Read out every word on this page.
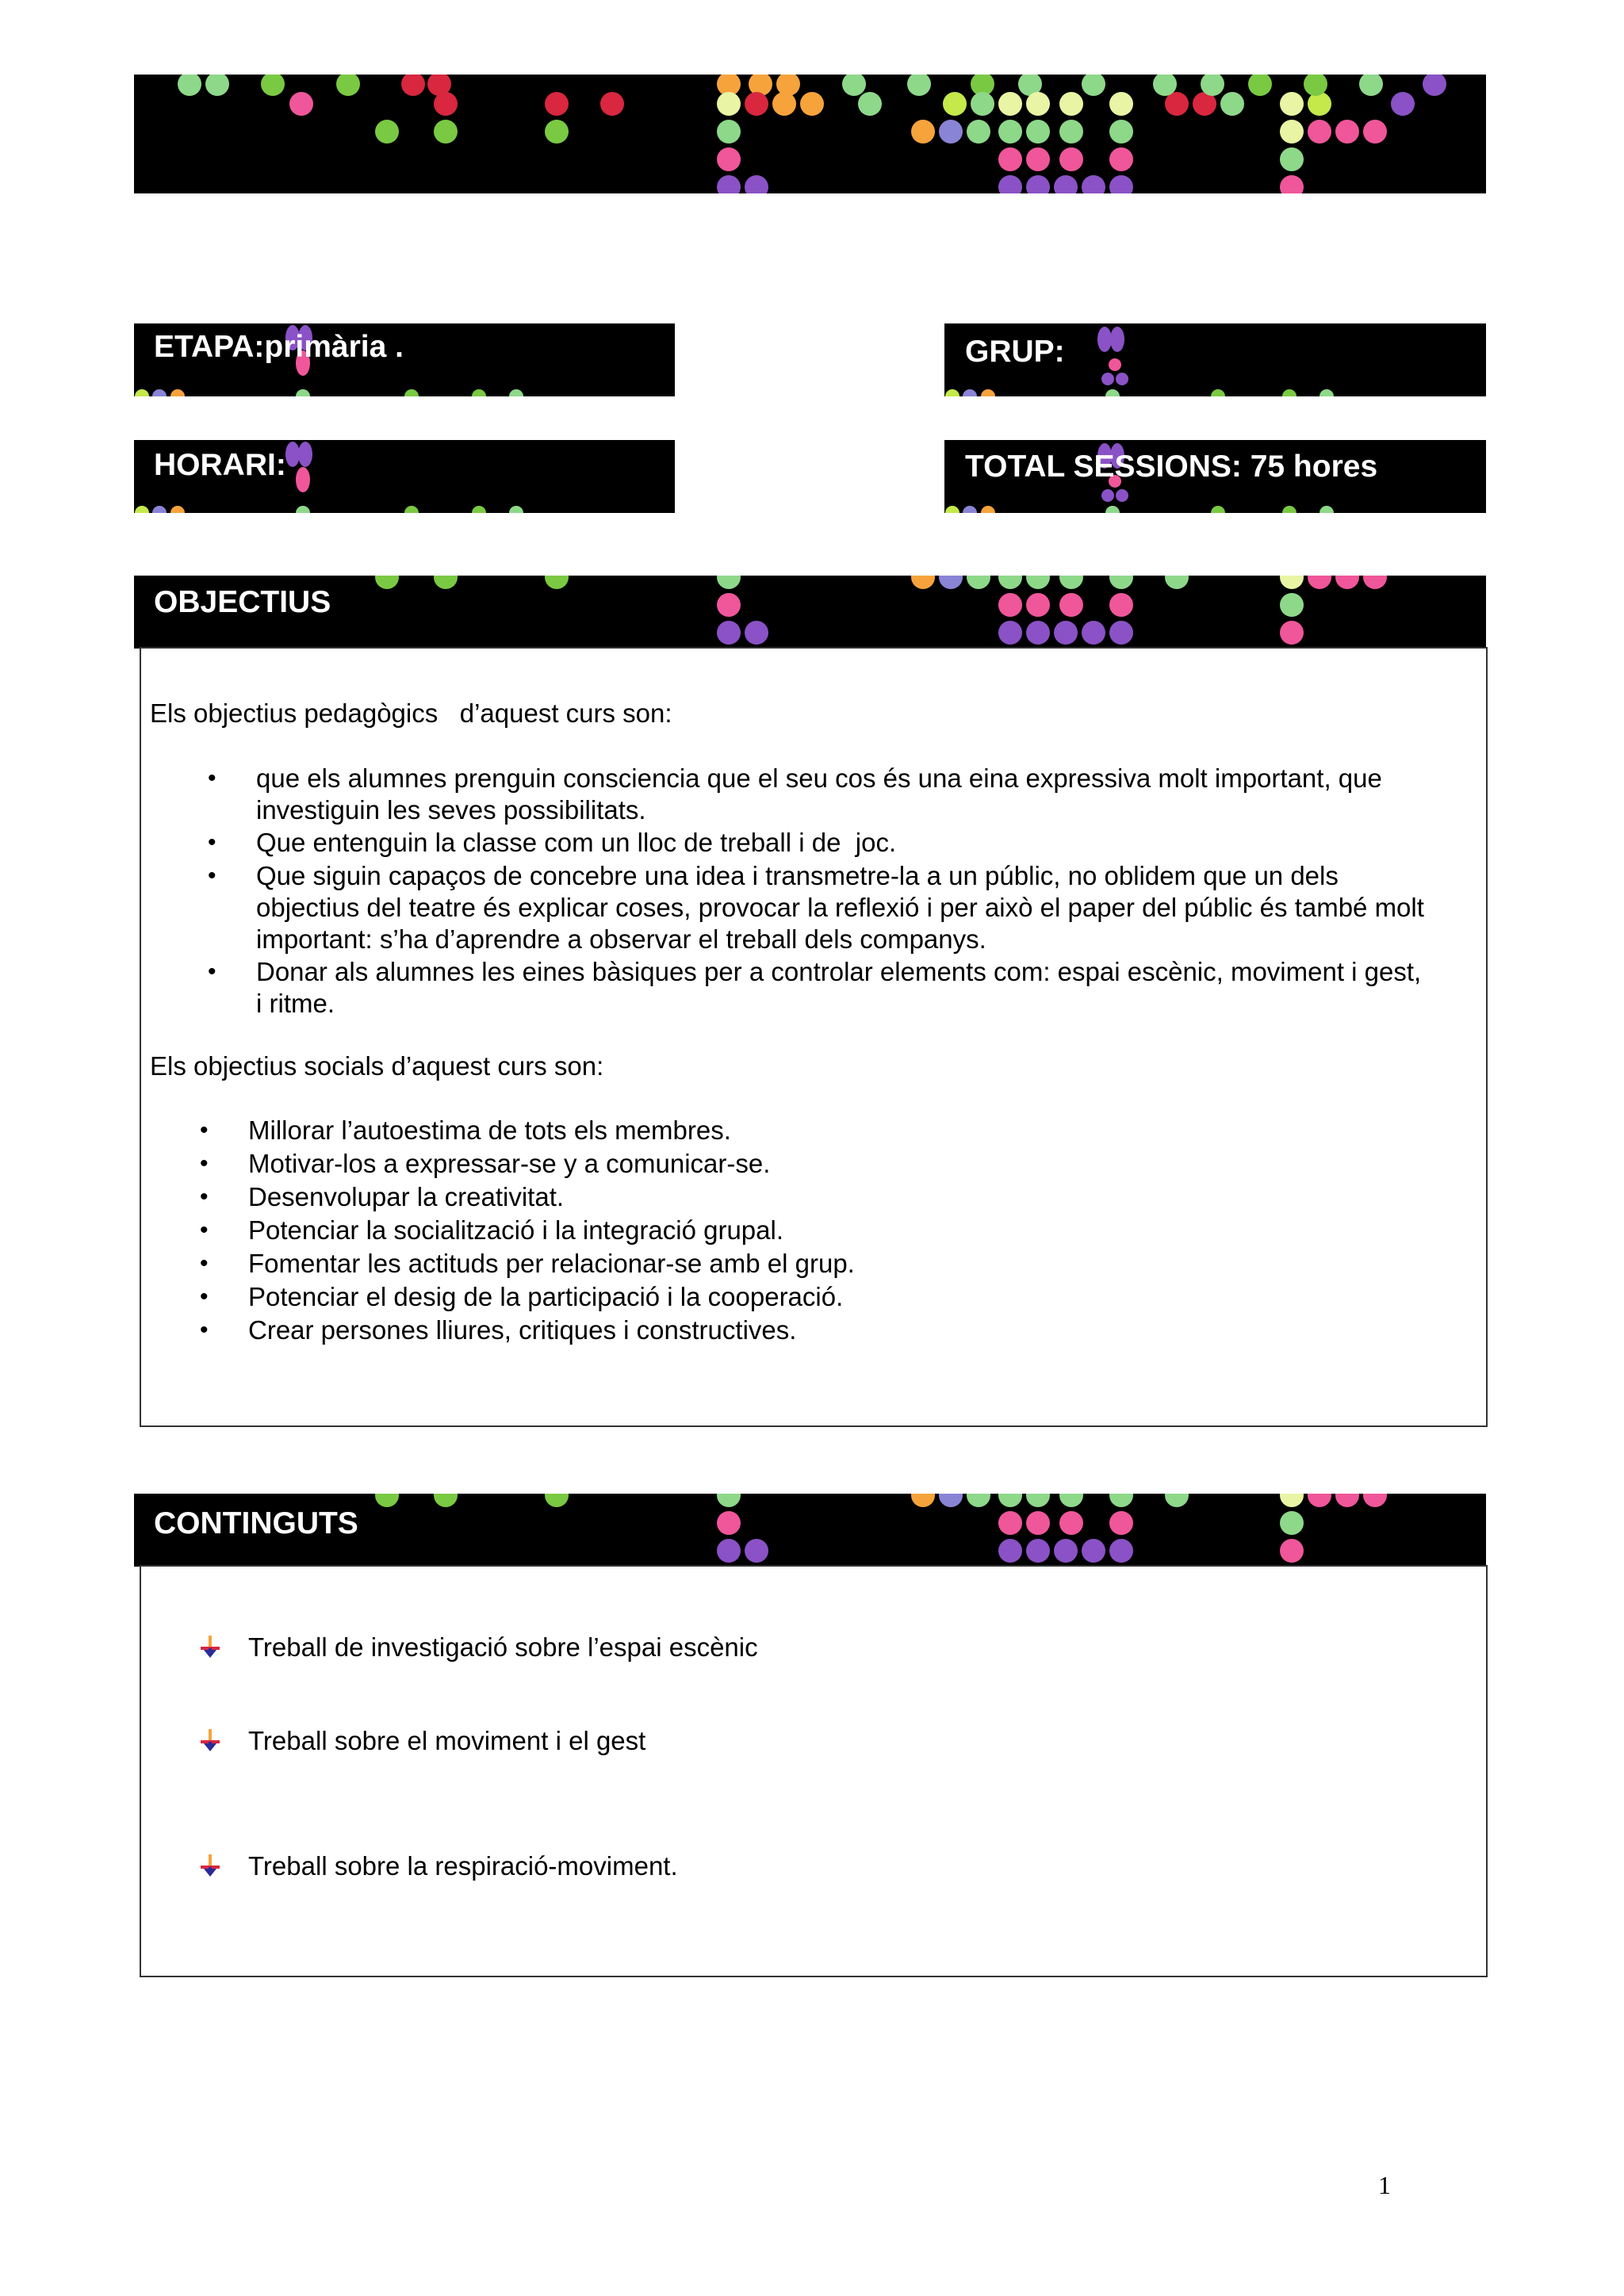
ETAPA:primària .	GRUP:
HORARI:	TOTAL SESSIONS: 75 hores
OBJECTIUS
Els objectius pedagògics   d’aquest curs son:
• que els alumnes prenguin consciencia que el seu cos és una eina expressiva molt important, que
investiguin les seves possibilitats.
• Que entenguin la classe com un lloc de treball i de  joc.
• Que siguin capaços de concebre una idea i transmetre-la a un públic, no oblidem que un dels
objectius del teatre és explicar coses, provocar la reflexió i per això el paper del públic és també molt
important: s’ha d’aprendre a observar el treball dels companys.
• Donar als alumnes les eines bàsiques per a controlar elements com: espai escènic, moviment i gest,
i ritme.
Els objectius socials d’aquest curs son:
• Millorar l’autoestima de tots els membres.
• Motivar-los a expressar-se y a comunicar-se.
• Desenvolupar la creativitat.
• Potenciar la socialització i la integració grupal.
• Fomentar les actituds per relacionar-se amb el grup.
• Potenciar el desig de la participació i la cooperació.
• Crear persones lliures, critiques i constructives.
CONTINGUTS
Treball de investigació sobre l’espai escènic
Treball sobre el moviment i el gest
Treball sobre la respiració-moviment.
1
